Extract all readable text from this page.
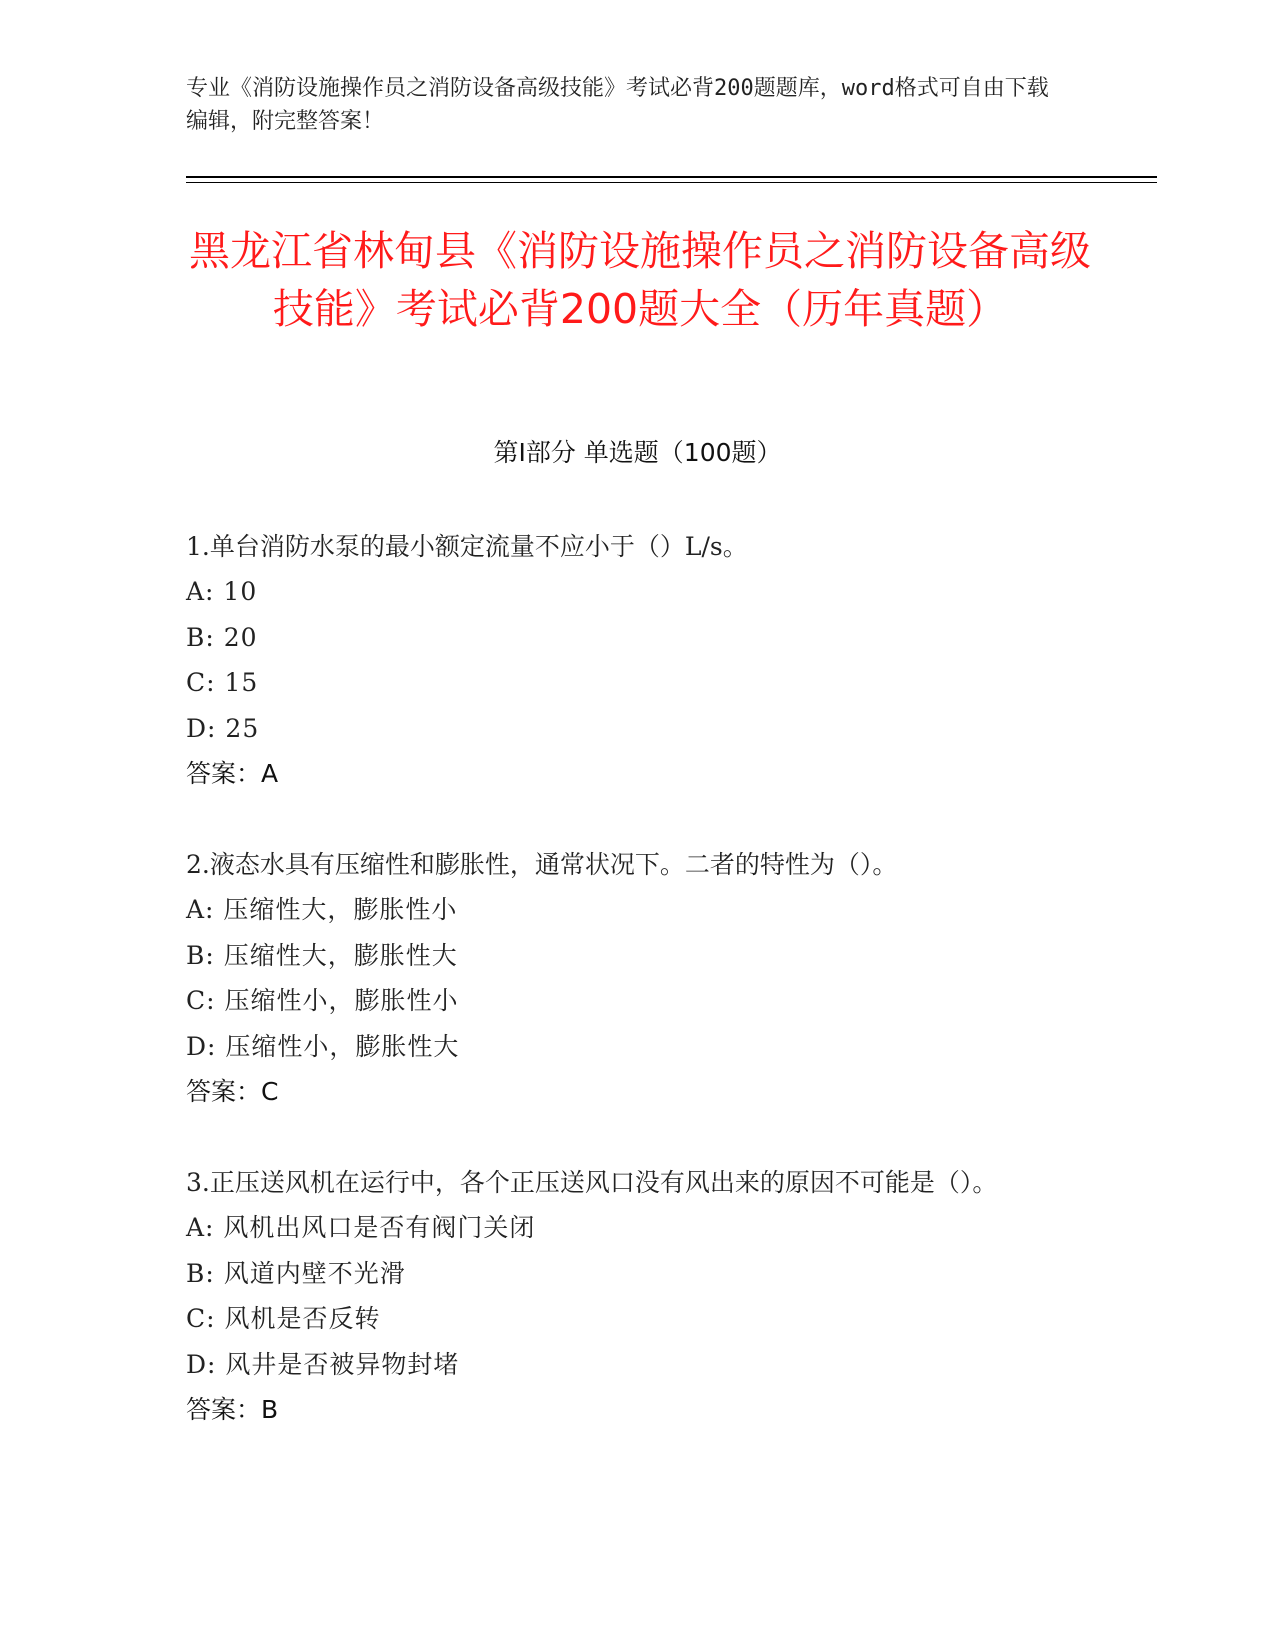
专业《消防设施操作员之消防设备高级技能》考试必背200题题库，word格式可自由下载编辑，附完整答案！
黑龙江省林甸县《消防设施操作员之消防设备高级技能》考试必背200题大全（历年真题）
第Ⅰ部分 单选题（100题）
1.单台消防水泵的最小额定流量不应小于（）L/s。
A: 10
B: 20
C: 15
D: 25
答案：A
2.液态水具有压缩性和膨胀性，通常状况下。二者的特性为（）。
A: 压缩性大，膨胀性小
B: 压缩性大，膨胀性大
C: 压缩性小，膨胀性小
D: 压缩性小，膨胀性大
答案：C
3.正压送风机在运行中，各个正压送风口没有风出来的原因不可能是（）。
A: 风机出风口是否有阀门关闭
B: 风道内壁不光滑
C: 风机是否反转
D: 风井是否被异物封堵
答案：B
